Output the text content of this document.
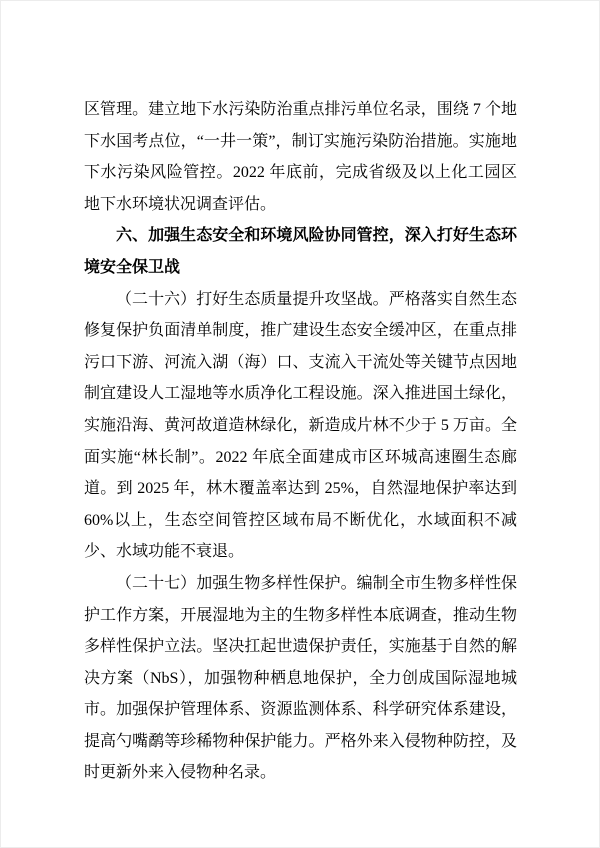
区管理。建立地下水污染防治重点排污单位名录，围绕 7 个地下水国考点位，“一井一策”，制订实施污染防治措施。实施地下水污染风险管控。2022 年底前，完成省级及以上化工园区地下水环境状况调查评估。

六、加强生态安全和环境风险协同管控，深入打好生态环境安全保卫战

（二十六）打好生态质量提升攻坚战。严格落实自然生态修复保护负面清单制度，推广建设生态安全缓冲区，在重点排污口下游、河流入湖（海）口、支流入干流处等关键节点因地制宜建设人工湿地等水质净化工程设施。深入推进国土绿化，实施沿海、黄河故道造林绿化，新造成片林不少于 5 万亩。全面实施“林长制”。2022 年底全面建成市区环城高速圈生态廊道。到 2025 年，林木覆盖率达到 25%，自然湿地保护率达到 60%以上，生态空间管控区域布局不断优化，水域面积不减少、水域功能不衰退。

（二十七）加强生物多样性保护。编制全市生物多样性保护工作方案，开展湿地为主的生物多样性本底调查，推动生物多样性保护立法。坚决扛起世遗保护责任，实施基于自然的解决方案（NbS），加强物种栖息地保护，全力创成国际湿地城市。加强保护管理体系、资源监测体系、科学研究体系建设，提高勺嘴鹬等珍稀物种保护能力。严格外来入侵物种防控，及时更新外来入侵物种名录。
